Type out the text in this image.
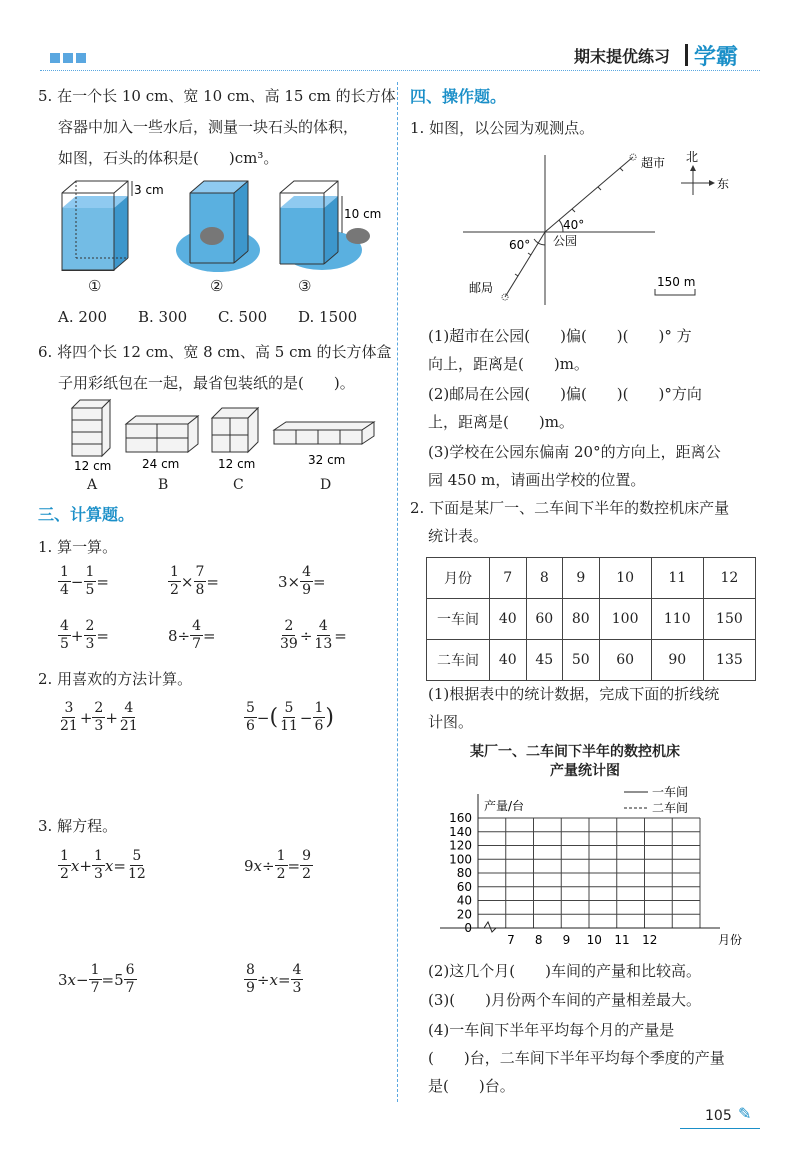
期末提优练习 学霸
5. 在一个长 10 cm、宽 10 cm、高 15 cm 的长方体
容器中加入一些水后，测量一块石头的体积，
如图，石头的体积是(　　)cm³。
3 cm
10 cm
①	②	③
A. 200 B. 300 C. 500 D. 1500
6. 将四个长 12 cm、宽 8 cm、高 5 cm 的长方体盒
子用彩纸包在一起，最省包装纸的是(　　)。
12 cm	24 cm	12 cm	32 cm
A	B	C	D
三、计算题。
1. 算一算。
$\frac{1}{4} - \frac{1}{5}$ =	$\frac{1}{2} \times \frac{7}{8}$ =	$3\times \frac{4}{9}$ =
$\frac{4}{5} + \frac{2}{3}$ =	$8\div \frac{4}{7}$ =	$\frac{2}{39} \div \frac{4}{13}$ =
2. 用喜欢的方法计算。
$\frac{3}{21} + \frac{2}{3} + \frac{4}{21}$	$\frac{5}{6}$ − ( $\frac{5}{11} - \frac{1}{6}$ )
3. 解方程。
$\frac{1}{2}$ $x + \frac{1}{3}$ $x = \frac{5}{12}$	9 $x \div \frac{1}{2} = \frac{9}{2}$
3 $x - \frac{1}{7} =5 \frac{6}{7}$	$\frac{8}{9} \div x = \frac{4}{3}$
四、操作题。
1. 如图，以公园为观测点。
超市
公园
邮局
40°
60°
北
东
150 m
(1)超市在公园(　　)偏(　　)(　　)° 方
向上，距离是(　　)m。
(2)邮局在公园(　　)偏(　　)(　　)°方向
上，距离是(　　)m。
(3)学校在公园东偏南 20°的方向上，距离公
园 450 m，请画出学校的位置。
2. 下面是某厂一、二车间下半年的数控机床产量
统计表。
月份	7	8	9	10	11	12
一车间	40	60	80	100	110	150
二车间	40	45	50	60	90	135
(1)根据表中的统计数据，完成下面的折线统
计图。
某厂一、二车间下半年的数控机床
产量统计图
0
20
40
60
80
100
120
140
160
7 8 9 10 11 12	月份
产量/台
一车间
二车间
(2)这几个月(　　)车间的产量和比较高。
(3)(　　)月份两个车间的产量相差最大。
(4)一车间下半年平均每个月的产量是
(　　)台，二车间下半年平均每个季度的产量
是(　　)台。
105 ✎
